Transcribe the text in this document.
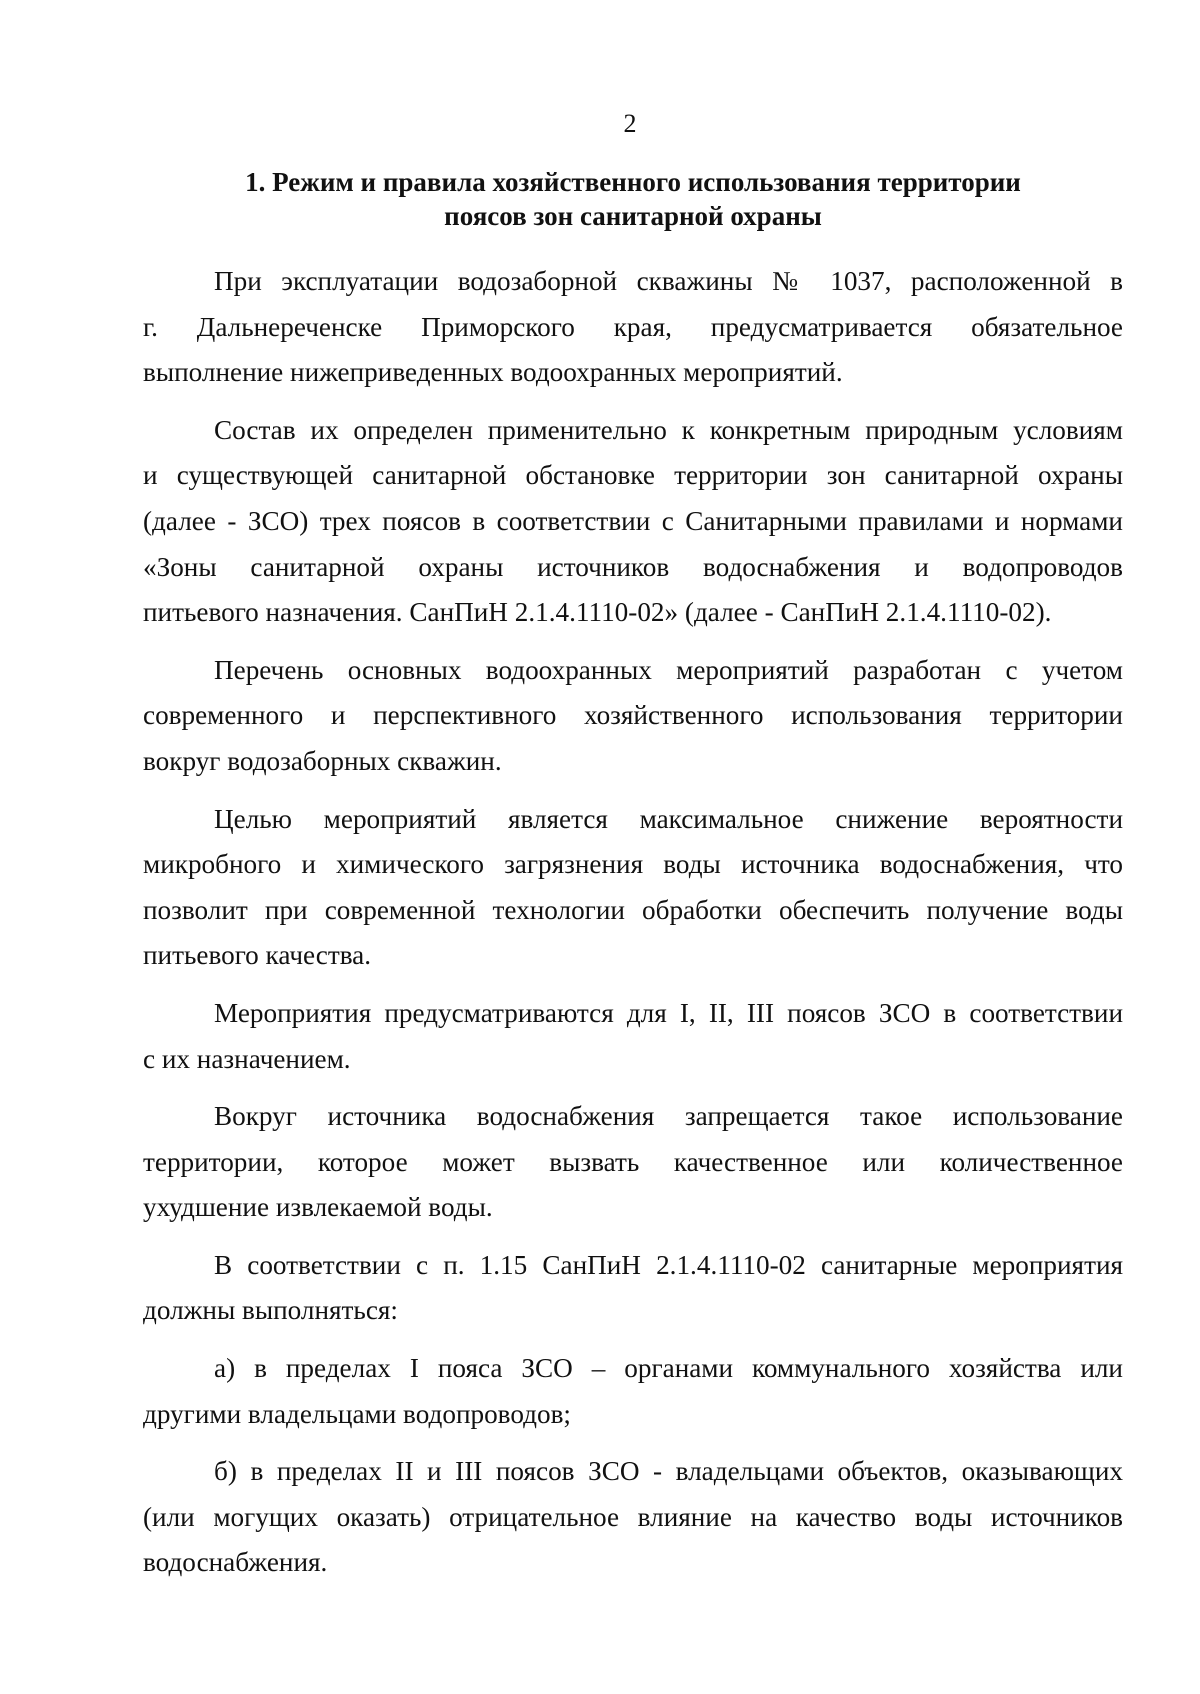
2
1. Режим и правила хозяйственного использования территории
поясов зон санитарной охраны
При эксплуатации водозаборной скважины № 1037, расположенной в
г. Дальнереченске Приморского края, предусматривается обязательное
выполнение нижеприведенных водоохранных мероприятий.
Состав их определен применительно к конкретным природным условиям
и существующей санитарной обстановке территории зон санитарной охраны
(далее - ЗСО) трех поясов в соответствии с Санитарными правилами и нормами
«Зоны санитарной охраны источников водоснабжения и водопроводов
питьевого назначения. СанПиН 2.1.4.1110-02» (далее - СанПиН 2.1.4.1110-02).
Перечень основных водоохранных мероприятий разработан с учетом
современного и перспективного хозяйственного использования территории
вокруг водозаборных скважин.
Целью мероприятий является максимальное снижение вероятности
микробного и химического загрязнения воды источника водоснабжения, что
позволит при современной технологии обработки обеспечить получение воды
питьевого качества.
Мероприятия предусматриваются для I, II, III поясов ЗСО в соответствии
с их назначением.
Вокруг источника водоснабжения запрещается такое использование
территории, которое может вызвать качественное или количественное
ухудшение извлекаемой воды.
В соответствии с п. 1.15 СанПиН 2.1.4.1110-02 санитарные мероприятия
должны выполняться:
а) в пределах I пояса ЗСО – органами коммунального хозяйства или
другими владельцами водопроводов;
б) в пределах II и III поясов ЗСО - владельцами объектов, оказывающих
(или могущих оказать) отрицательное влияние на качество воды источников
водоснабжения.
